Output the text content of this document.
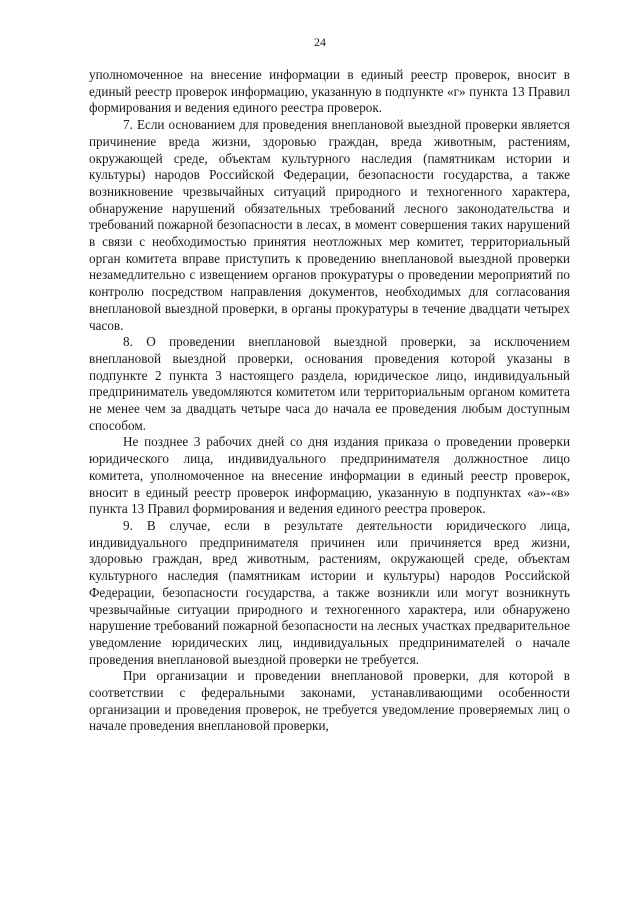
24

уполномоченное на внесение информации в единый реестр проверок, вносит в единый реестр проверок информацию, указанную в подпункте «г» пункта 13 Правил формирования и ведения единого реестра проверок.

7. Если основанием для проведения внеплановой выездной проверки является причинение вреда жизни, здоровью граждан, вреда животным, растениям, окружающей среде, объектам культурного наследия (памятникам истории и культуры) народов Российской Федерации, безопасности государства, а также возникновение чрезвычайных ситуаций природного и техногенного характера, обнаружение нарушений обязательных требований лесного законодательства и требований пожарной безопасности в лесах, в момент совершения таких нарушений в связи с необходимостью принятия неотложных мер комитет, территориальный орган комитета вправе приступить к проведению внеплановой выездной проверки незамедлительно с извещением органов прокуратуры о проведении мероприятий по контролю посредством направления документов, необходимых для согласования внеплановой выездной проверки, в органы прокуратуры в течение двадцати четырех часов.

8. О проведении внеплановой выездной проверки, за исключением внеплановой выездной проверки, основания проведения которой указаны в подпункте 2 пункта 3 настоящего раздела, юридическое лицо, индивидуальный предприниматель уведомляются комитетом или территориальным органом комитета не менее чем за двадцать четыре часа до начала ее проведения любым доступным способом.

Не позднее 3 рабочих дней со дня издания приказа о проведении проверки юридического лица, индивидуального предпринимателя должностное лицо комитета, уполномоченное на внесение информации в единый реестр проверок, вносит в единый реестр проверок информацию, указанную в подпунктах «а»-«в» пункта 13 Правил формирования и ведения единого реестра проверок.

9. В случае, если в результате деятельности юридического лица, индивидуального предпринимателя причинен или причиняется вред жизни, здоровью граждан, вред животным, растениям, окружающей среде, объектам культурного наследия (памятникам истории и культуры) народов Российской Федерации, безопасности государства, а также возникли или могут возникнуть чрезвычайные ситуации природного и техногенного характера, или обнаружено нарушение требований пожарной безопасности на лесных участках предварительное уведомление юридических лиц, индивидуальных предпринимателей о начале проведения внеплановой выездной проверки не требуется.

При организации и проведении внеплановой проверки, для которой в соответствии с федеральными законами, устанавливающими особенности организации и проведения проверок, не требуется уведомление проверяемых лиц о начале проведения внеплановой проверки,
